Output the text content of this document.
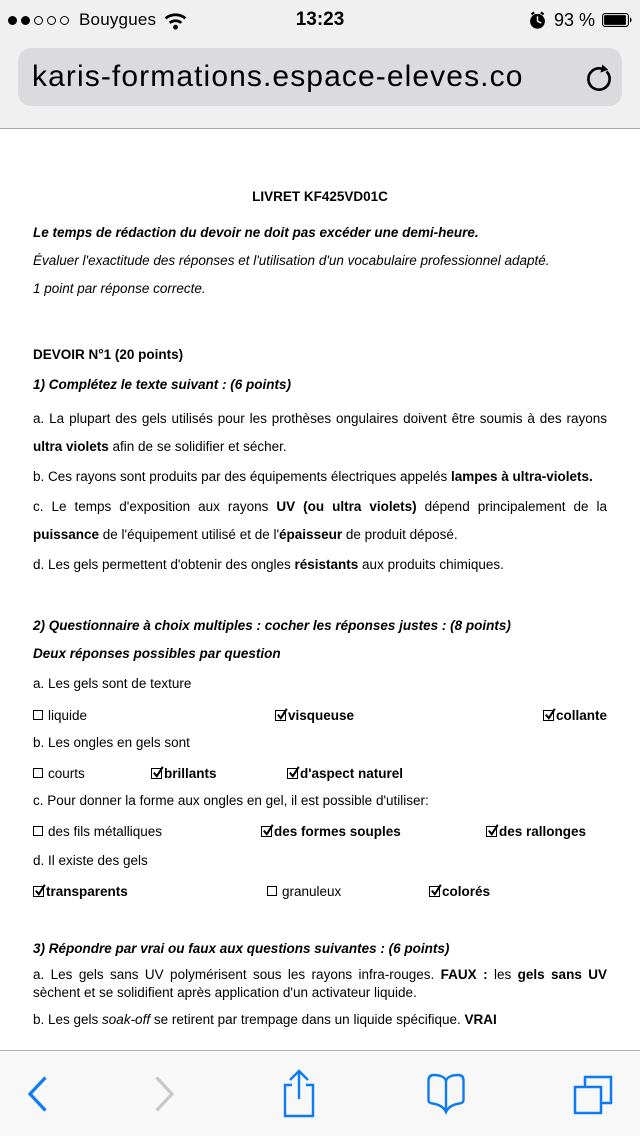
Bouygues	13:23	93 %
karis-formations.espace-eleves.co

LIVRET KF425VD01C

Le temps de rédaction du devoir ne doit pas excéder une demi-heure.

Évaluer l'exactitude des réponses et l'utilisation d'un vocabulaire professionnel adapté.

1 point par réponse correcte.

DEVOIR N°1 (20 points)

1) Complétez le texte suivant : (6 points)

a. La plupart des gels utilisés pour les prothèses ongulaires doivent être soumis à des rayons ultra violets afin de se solidifier et sécher.

b. Ces rayons sont produits par des équipements électriques appelés lampes à ultra-violets.

c. Le temps d'exposition aux rayons UV (ou ultra violets) dépend principalement de la puissance de l'équipement utilisé et de l'épaisseur de produit déposé.

d. Les gels permettent d'obtenir des ongles résistants aux produits chimiques.

2) Questionnaire à choix multiples : cocher les réponses justes : (8 points)

Deux réponses possibles par question

a. Les gels sont de texture

liquide	visqueuse	collante

b. Les ongles en gels sont

courts	brillants	d'aspect naturel

c. Pour donner la forme aux ongles en gel, il est possible d'utiliser:

des fils métalliques	des formes souples	des rallonges

d. Il existe des gels

transparents	granuleux	colorés

3) Répondre par vrai ou faux aux questions suivantes : (6 points)

a. Les gels sans UV polymérisent sous les rayons infra-rouges. FAUX : les gels sans UV sèchent et se solidifient après application d'un activateur liquide.

b. Les gels soak-off se retirent par trempage dans un liquide spécifique. VRAI
